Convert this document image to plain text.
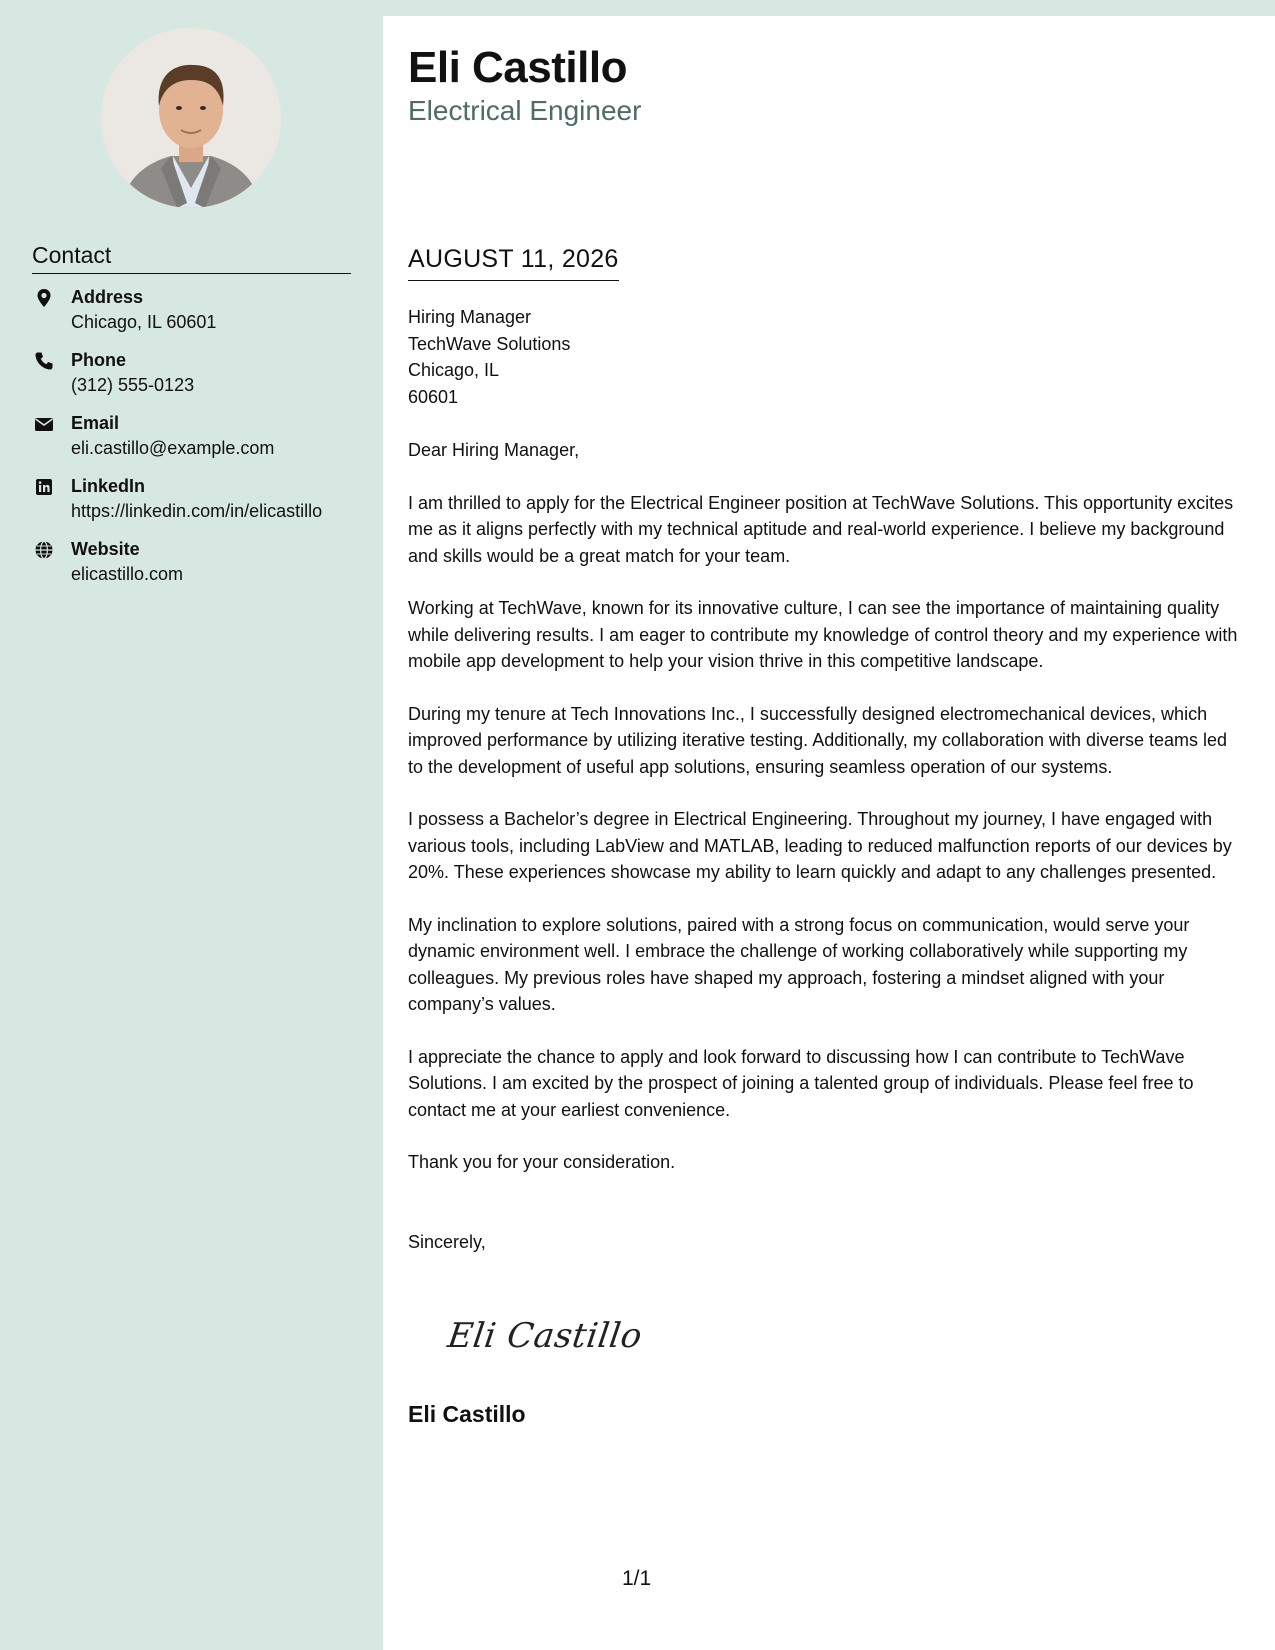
Contact
Address
Chicago, IL 60601
Phone
(312) 555-0123
Email
eli.castillo@example.com
LinkedIn
https://linkedin.com/in/elicastillo
Website
elicastillo.com
Eli Castillo
Electrical Engineer
AUGUST 11, 2026
Hiring Manager
TechWave Solutions
Chicago, IL
60601
Dear Hiring Manager,
I am thrilled to apply for the Electrical Engineer position at TechWave Solutions. This opportunity excites me as it aligns perfectly with my technical aptitude and real-world experience. I believe my background and skills would be a great match for your team.
Working at TechWave, known for its innovative culture, I can see the importance of maintaining quality while delivering results. I am eager to contribute my knowledge of control theory and my experience with mobile app development to help your vision thrive in this competitive landscape.
During my tenure at Tech Innovations Inc., I successfully designed electromechanical devices, which improved performance by utilizing iterative testing. Additionally, my collaboration with diverse teams led to the development of useful app solutions, ensuring seamless operation of our systems.
I possess a Bachelor’s degree in Electrical Engineering. Throughout my journey, I have engaged with various tools, including LabView and MATLAB, leading to reduced malfunction reports of our devices by 20%. These experiences showcase my ability to learn quickly and adapt to any challenges presented.
My inclination to explore solutions, paired with a strong focus on communication, would serve your dynamic environment well. I embrace the challenge of working collaboratively while supporting my colleagues. My previous roles have shaped my approach, fostering a mindset aligned with your company’s values.
I appreciate the chance to apply and look forward to discussing how I can contribute to TechWave Solutions. I am excited by the prospect of joining a talented group of individuals. Please feel free to contact me at your earliest convenience.
Thank you for your consideration.
Sincerely,
Eli Castillo
Eli Castillo
1/1
